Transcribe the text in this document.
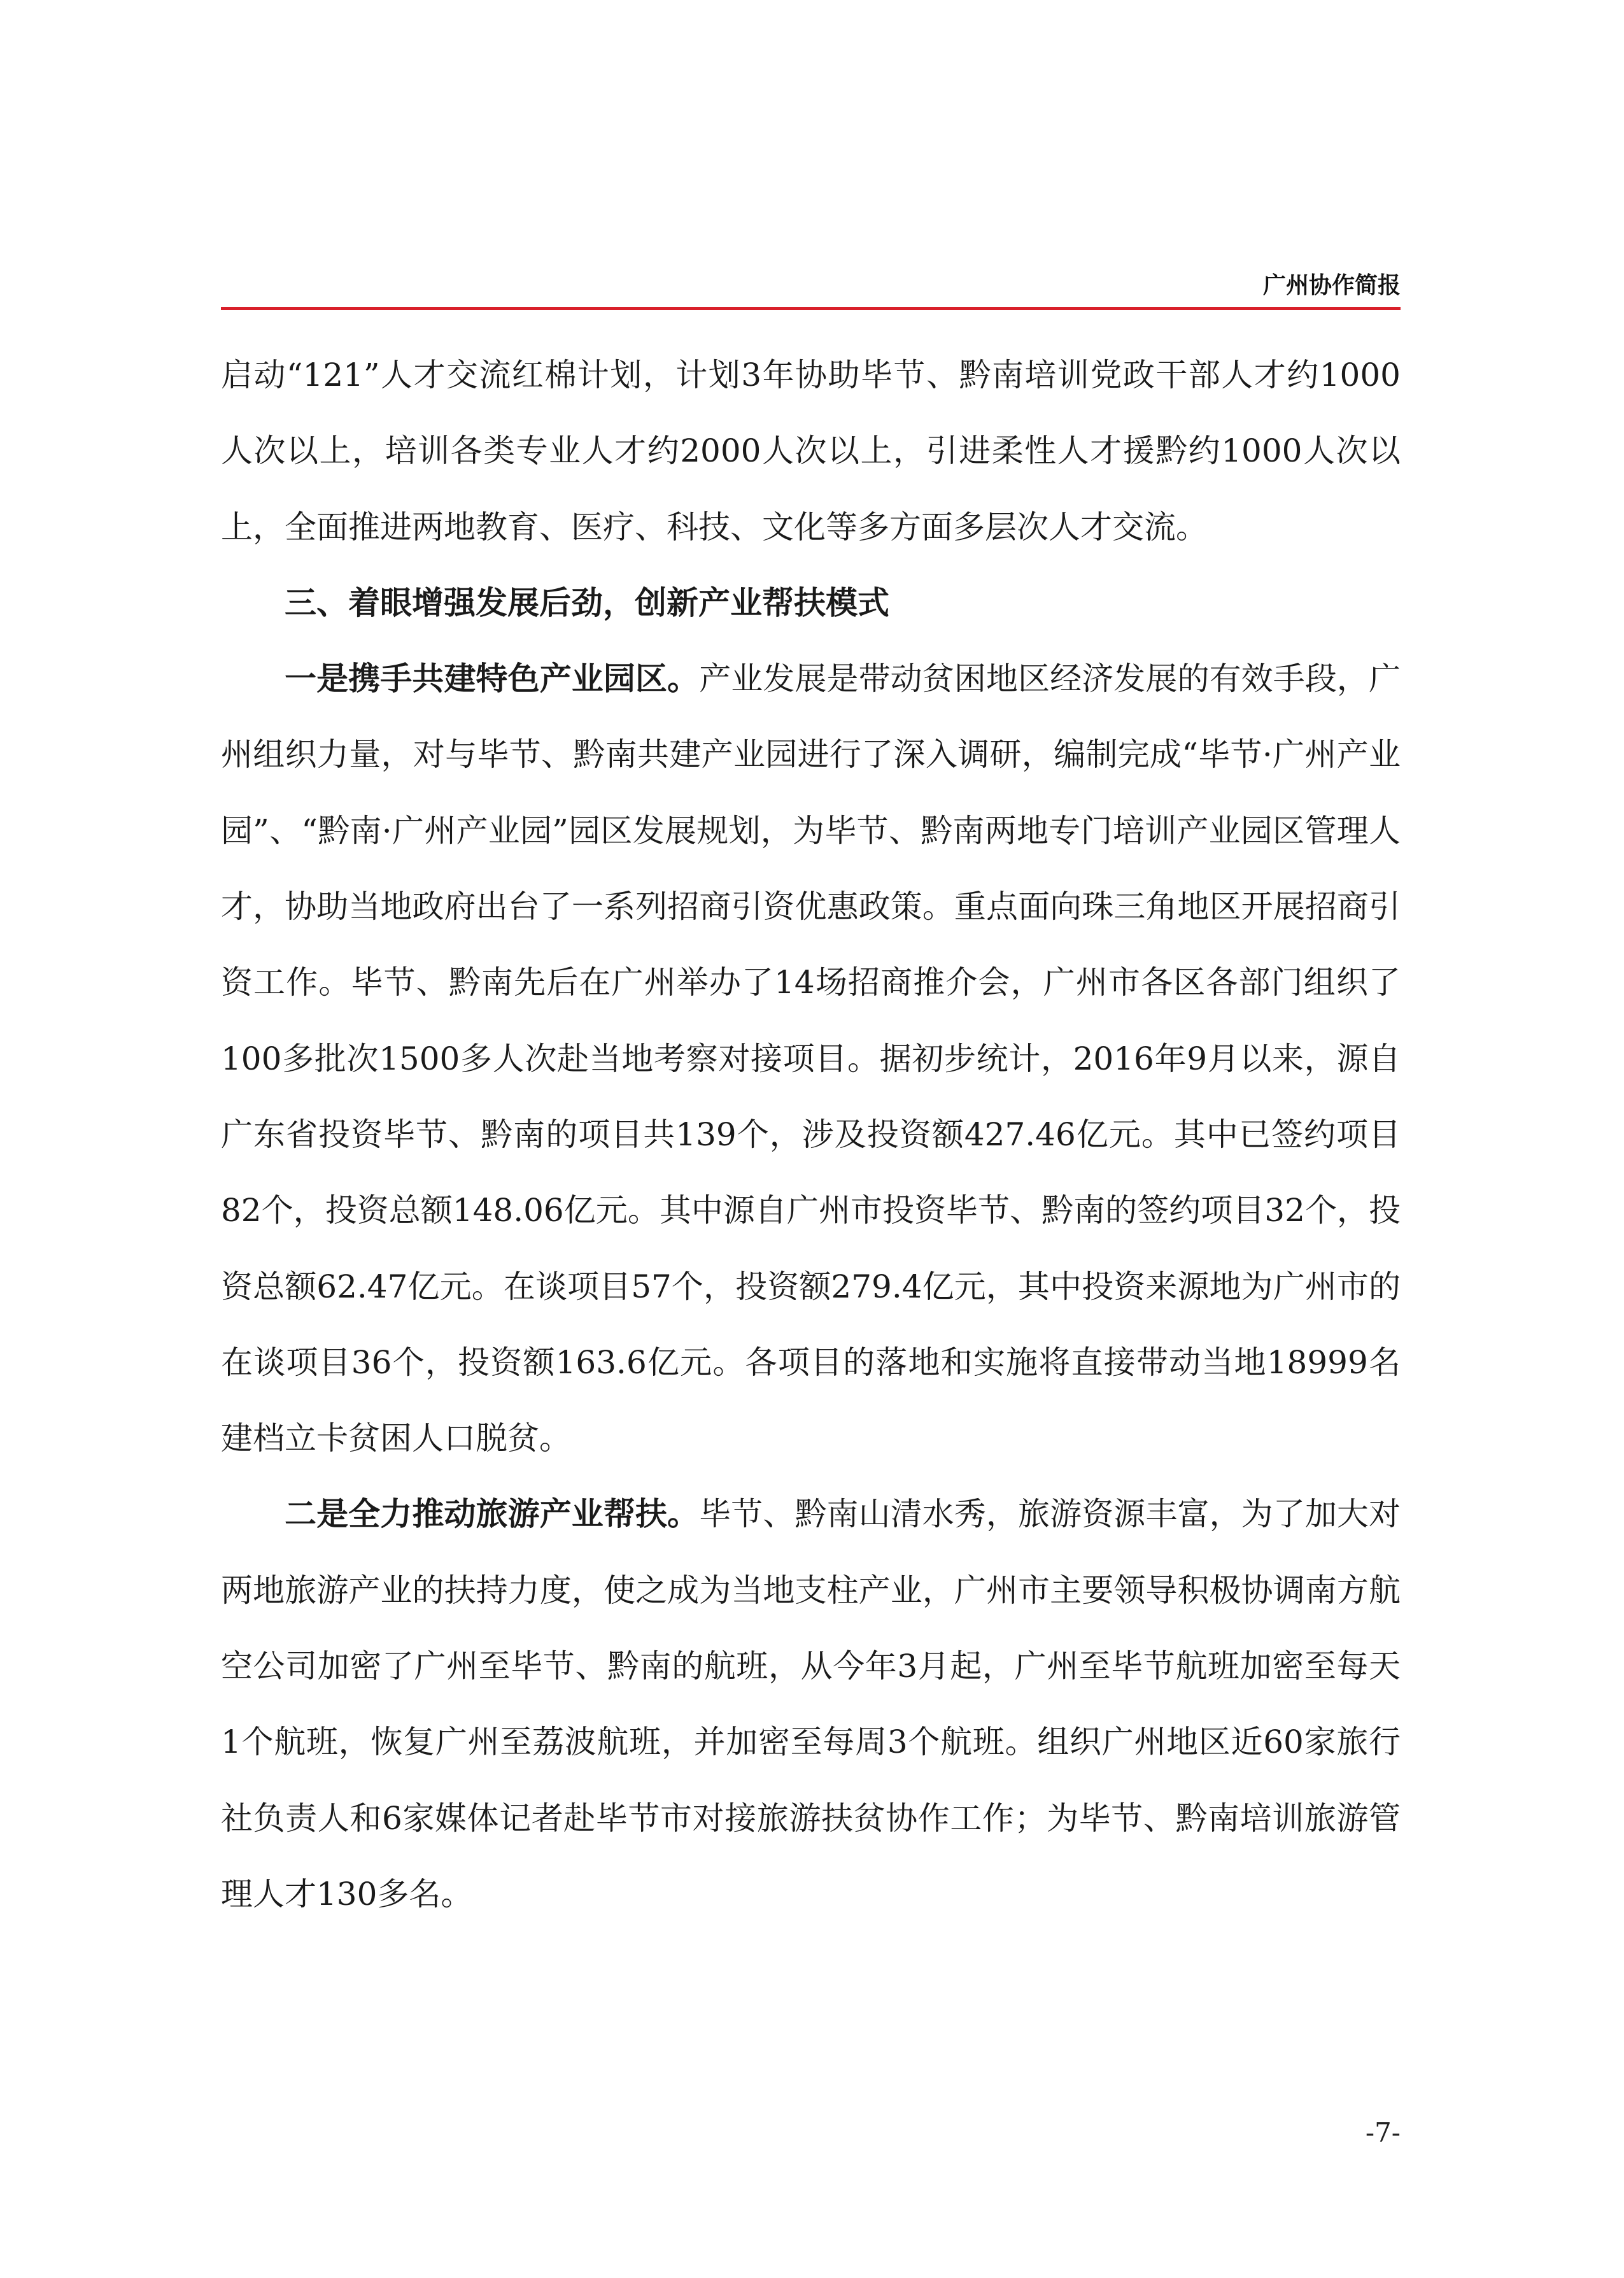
广州协作简报

启动“121”人才交流红棉计划，计划3年协助毕节、黔南培训党政干部人才约1000人次以上，培训各类专业人才约2000人次以上，引进柔性人才援黔约1000人次以上，全面推进两地教育、医疗、科技、文化等多方面多层次人才交流。

三、着眼增强发展后劲，创新产业帮扶模式

一是携手共建特色产业园区。产业发展是带动贫困地区经济发展的有效手段，广州组织力量，对与毕节、黔南共建产业园进行了深入调研，编制完成“毕节·广州产业园”、“黔南·广州产业园”园区发展规划，为毕节、黔南两地专门培训产业园区管理人才，协助当地政府出台了一系列招商引资优惠政策。重点面向珠三角地区开展招商引资工作。毕节、黔南先后在广州举办了14场招商推介会，广州市各区各部门组织了100多批次1500多人次赴当地考察对接项目。据初步统计，2016年9月以来，源自广东省投资毕节、黔南的项目共139个，涉及投资额427.46亿元。其中已签约项目82个，投资总额148.06亿元。其中源自广州市投资毕节、黔南的签约项目32个，投资总额62.47亿元。在谈项目57个，投资额279.4亿元，其中投资来源地为广州市的在谈项目36个，投资额163.6亿元。各项目的落地和实施将直接带动当地18999名建档立卡贫困人口脱贫。

二是全力推动旅游产业帮扶。毕节、黔南山清水秀，旅游资源丰富，为了加大对两地旅游产业的扶持力度，使之成为当地支柱产业，广州市主要领导积极协调南方航空公司加密了广州至毕节、黔南的航班，从今年3月起，广州至毕节航班加密至每天1个航班，恢复广州至荔波航班，并加密至每周3个航班。组织广州地区近60家旅行社负责人和6家媒体记者赴毕节市对接旅游扶贫协作工作；为毕节、黔南培训旅游管理人才130多名。

-7-
